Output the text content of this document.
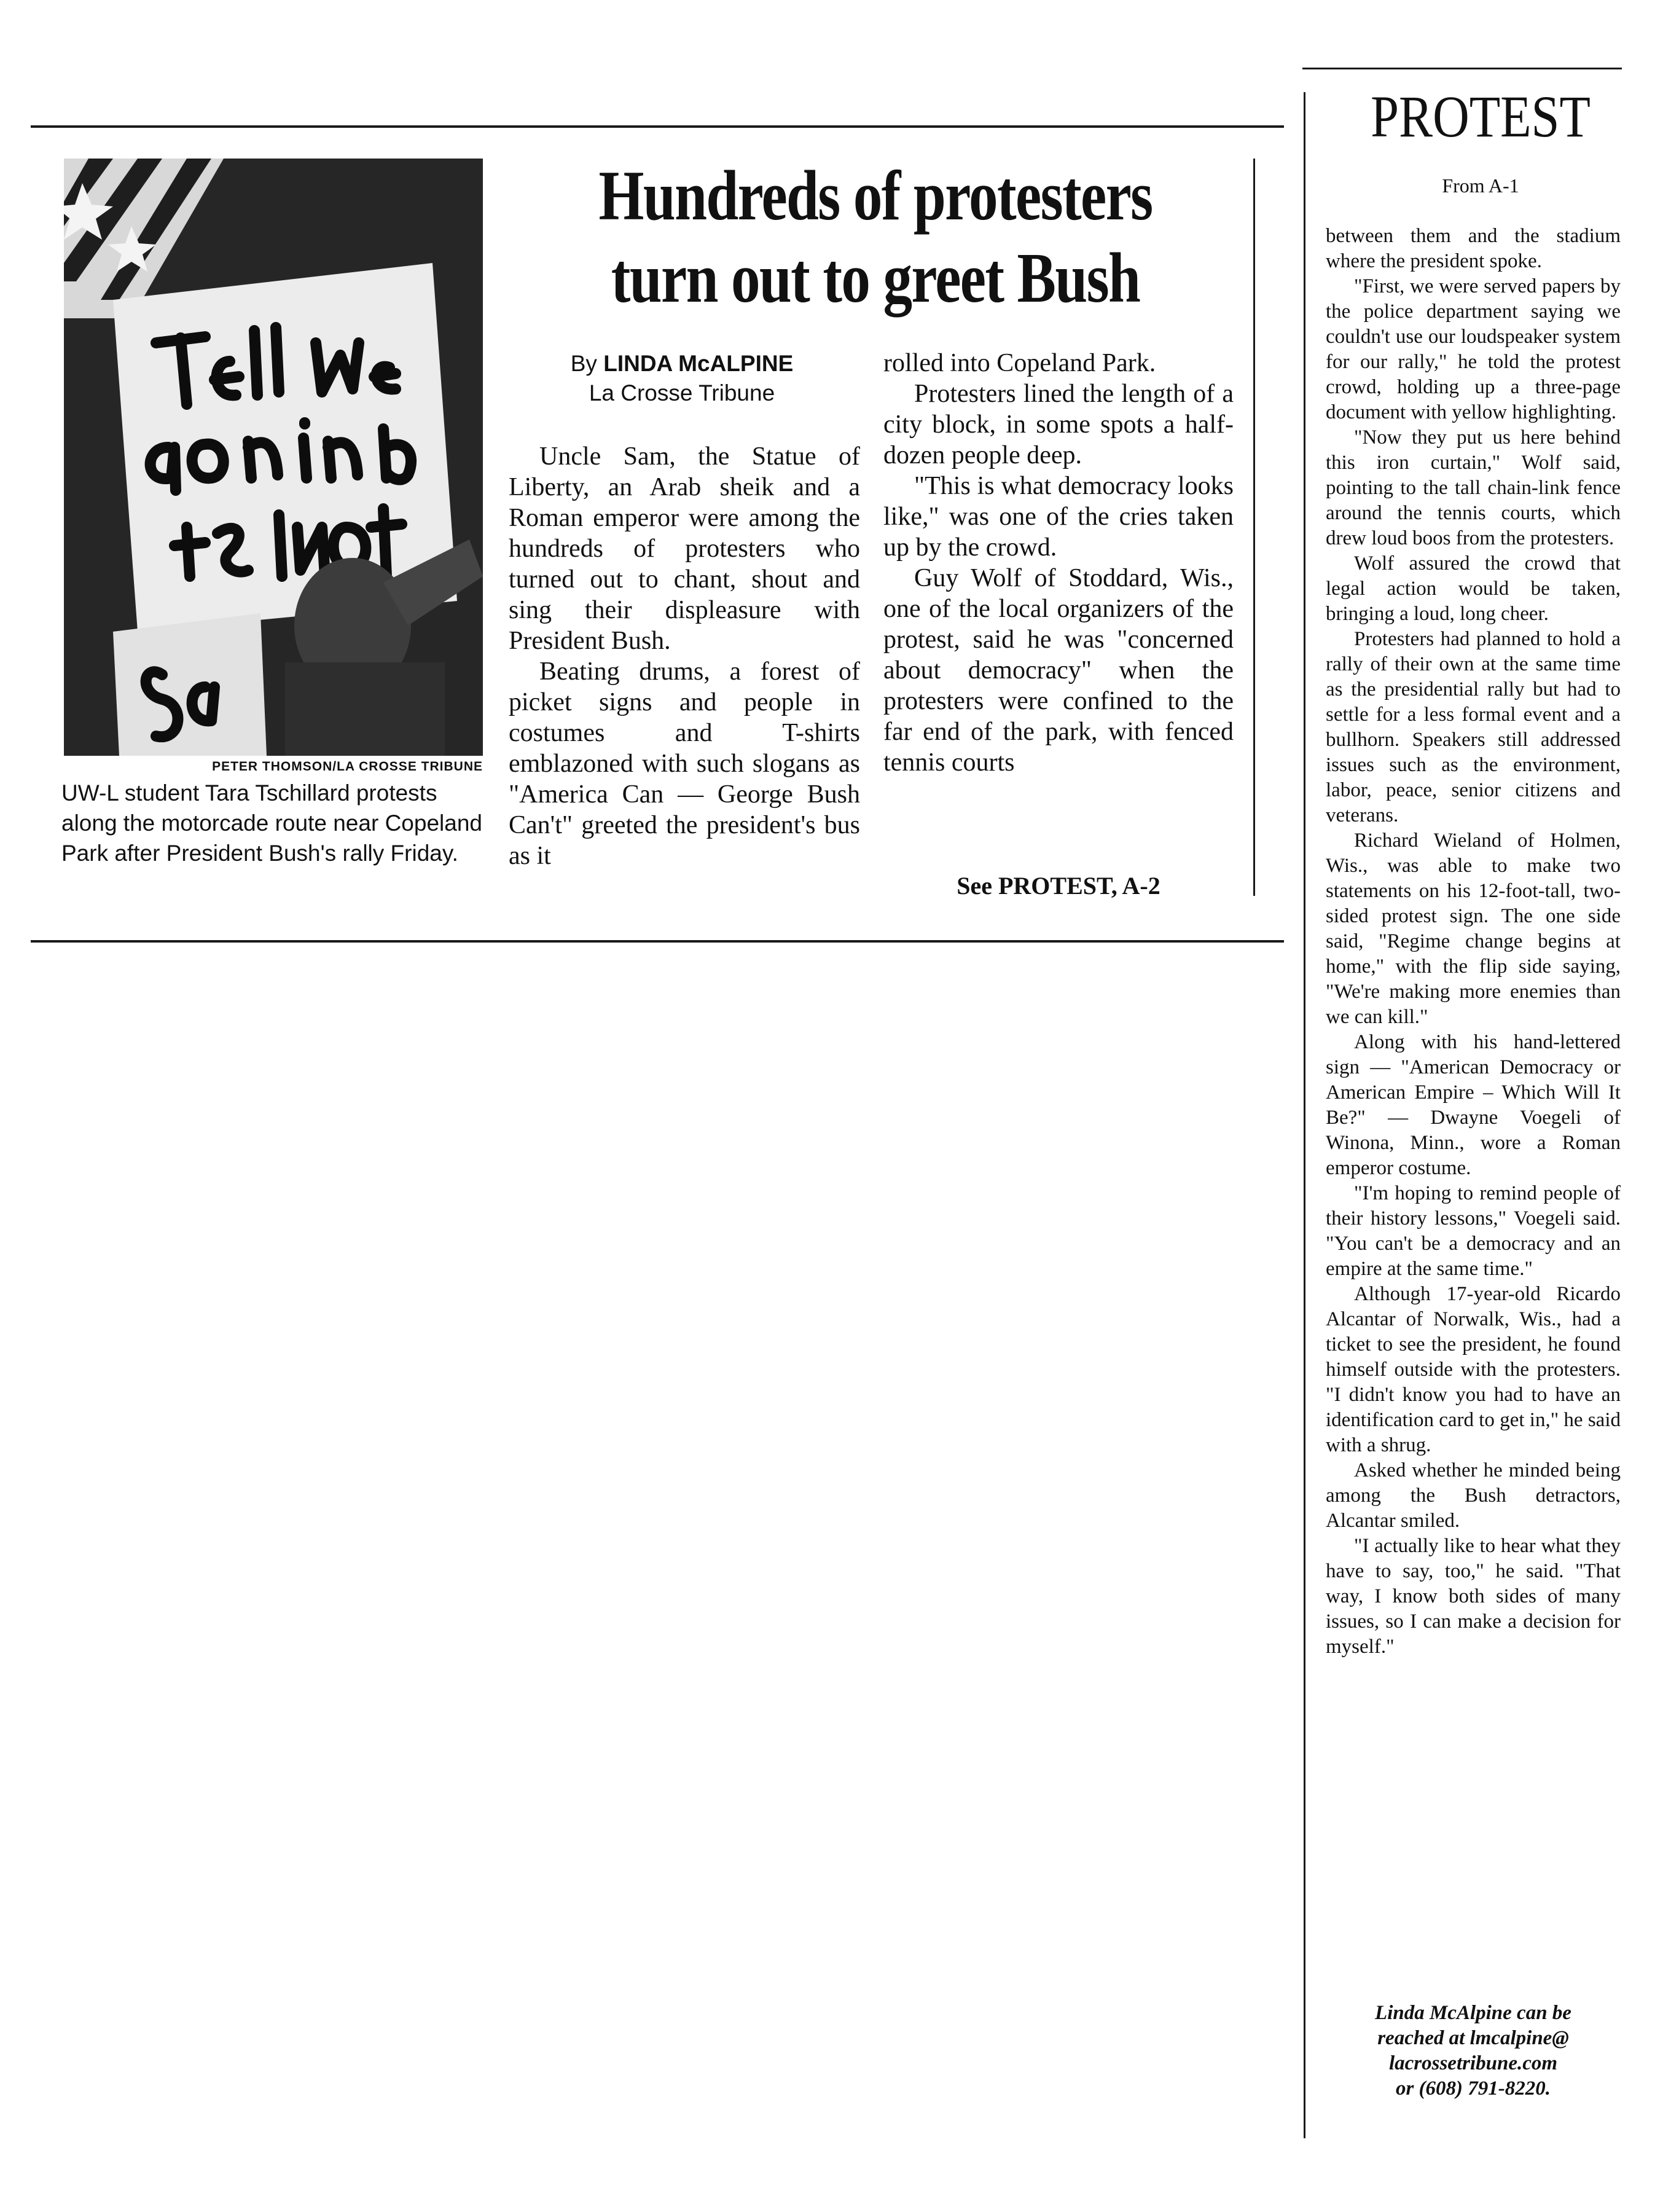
PETER THOMSON/LA CROSSE TRIBUNE
UW-L student Tara Tschillard protests along the motorcade route near Copeland Park after President Bush's rally Friday.
Hundreds of protesters
turn out to greet Bush
By LINDA McALPINE
La Crosse Tribune

Uncle Sam, the Statue of Liberty, an Arab sheik and a Roman emperor were among the hundreds of protesters who turned out to chant, shout and sing their displeasure with President Bush.

Beating drums, a forest of picket signs and people in costumes and T-shirts emblazoned with such slogans as "America Can — George Bush Can't" greeted the president's bus as it

rolled into Copeland Park.

Protesters lined the length of a city block, in some spots a half-dozen people deep.

"This is what democracy looks like," was one of the cries taken up by the crowd.

Guy Wolf of Stoddard, Wis., one of the local organizers of the protest, said he was "concerned about democracy" when the protesters were confined to the far end of the park, with fenced tennis courts

See PROTEST, A-2
PROTEST
From A-1

between them and the stadium where the president spoke.

"First, we were served papers by the police department saying we couldn't use our loudspeaker system for our rally," he told the protest crowd, holding up a three-page document with yellow highlighting.

"Now they put us here behind this iron curtain," Wolf said, pointing to the tall chain-link fence around the tennis courts, which drew loud boos from the protesters.

Wolf assured the crowd that legal action would be taken, bringing a loud, long cheer.

Protesters had planned to hold a rally of their own at the same time as the presidential rally but had to settle for a less formal event and a bullhorn. Speakers still addressed issues such as the environment, labor, peace, senior citizens and veterans.

Richard Wieland of Holmen, Wis., was able to make two statements on his 12-foot-tall, two-sided protest sign. The one side said, "Regime change begins at home," with the flip side saying, "We're making more enemies than we can kill."

Along with his hand-lettered sign — "American Democracy or American Empire – Which Will It Be?" — Dwayne Voegeli of Winona, Minn., wore a Roman emperor costume.

"I'm hoping to remind people of their history lessons," Voegeli said. "You can't be a democracy and an empire at the same time."

Although 17-year-old Ricardo Alcantar of Norwalk, Wis., had a ticket to see the president, he found himself outside with the protesters. "I didn't know you had to have an identification card to get in," he said with a shrug.

Asked whether he minded being among the Bush detractors, Alcantar smiled.

"I actually like to hear what they have to say, too," he said. "That way, I know both sides of many issues, so I can make a decision for myself."

Linda McAlpine can be
reached at lmcalpine@
lacrossetribune.com
or (608) 791-8220.
